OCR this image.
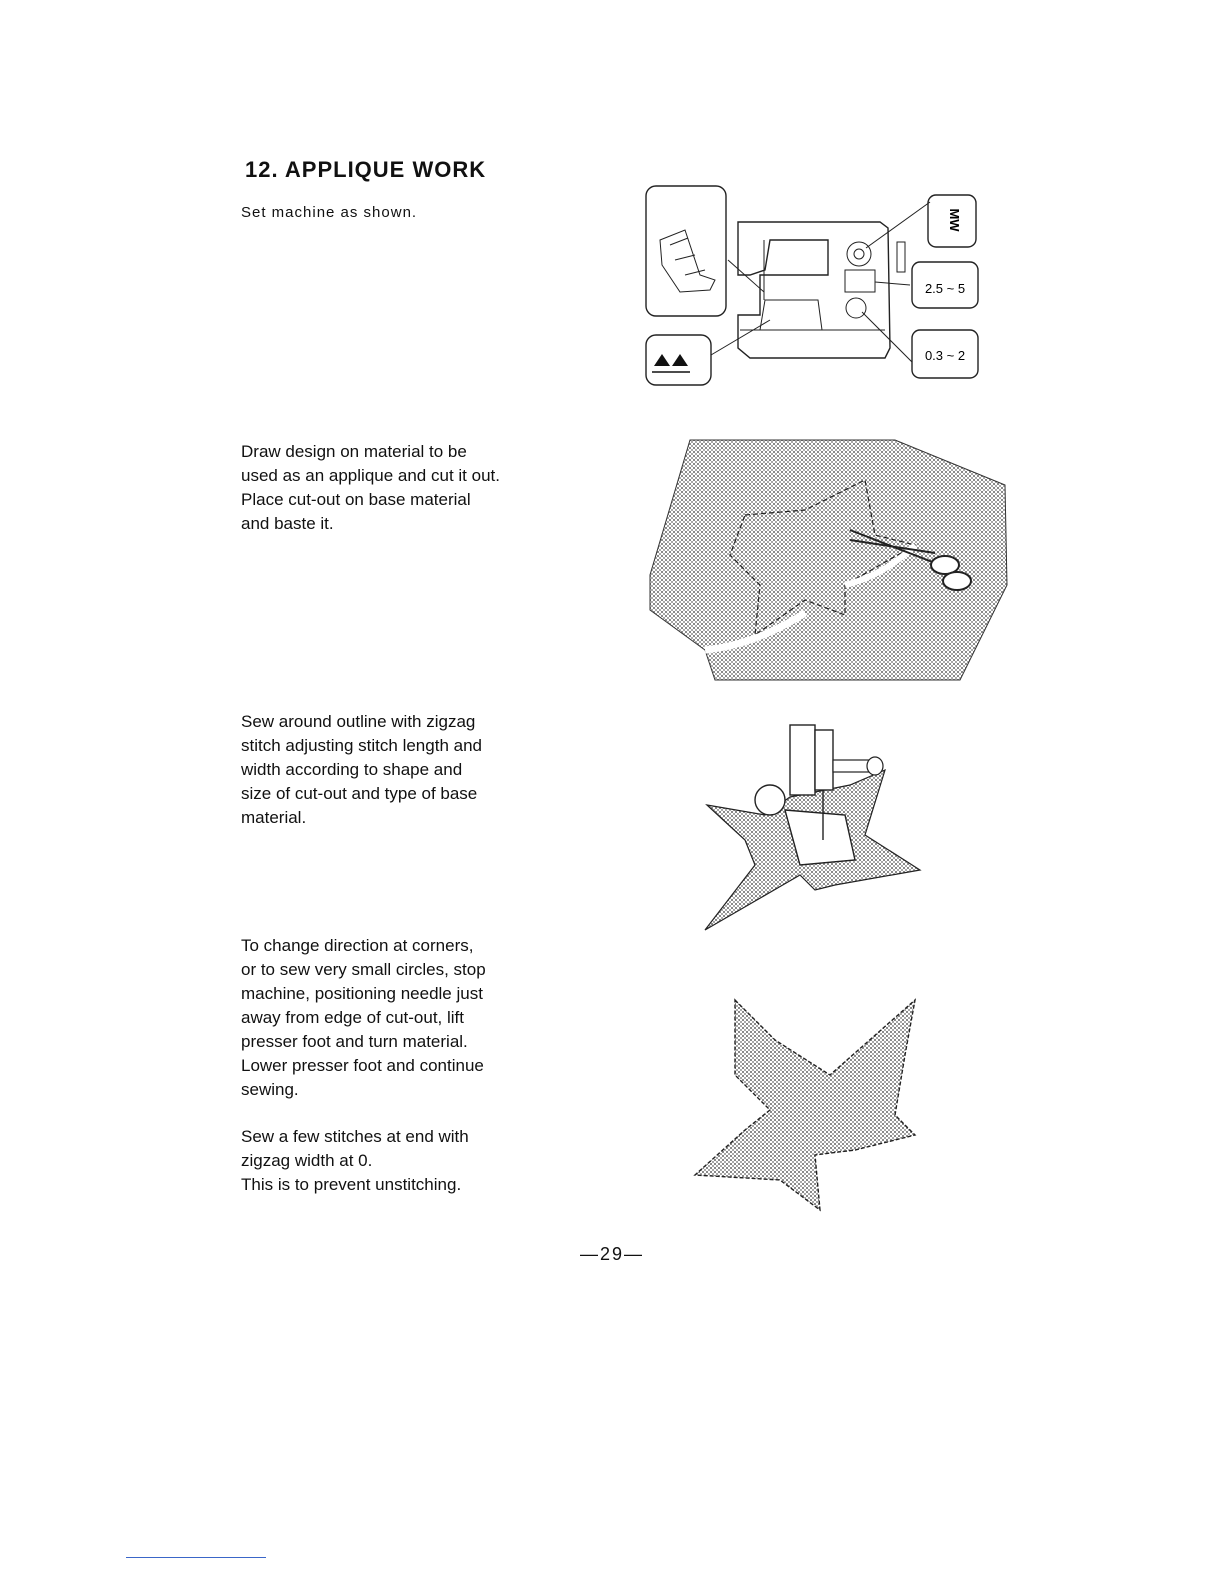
12. APPLIQUE WORK

Set machine as shown.

Draw design on material to be
used as an applique and cut it out.
Place cut-out on base material
and baste it.

Sew around outline with zigzag
stitch adjusting stitch length and
width according to shape and
size of cut-out and type of base
material.

To change direction at corners,
or to sew very small circles, stop
machine, positioning needle just
away from edge of cut-out, lift
presser foot and turn material.
Lower presser foot and continue
sewing.

Sew a few stitches at end with
zigzag width at 0.
This is to prevent unstitching.

MW
2.5 ~ 5
0.3 ~ 2
—29—
